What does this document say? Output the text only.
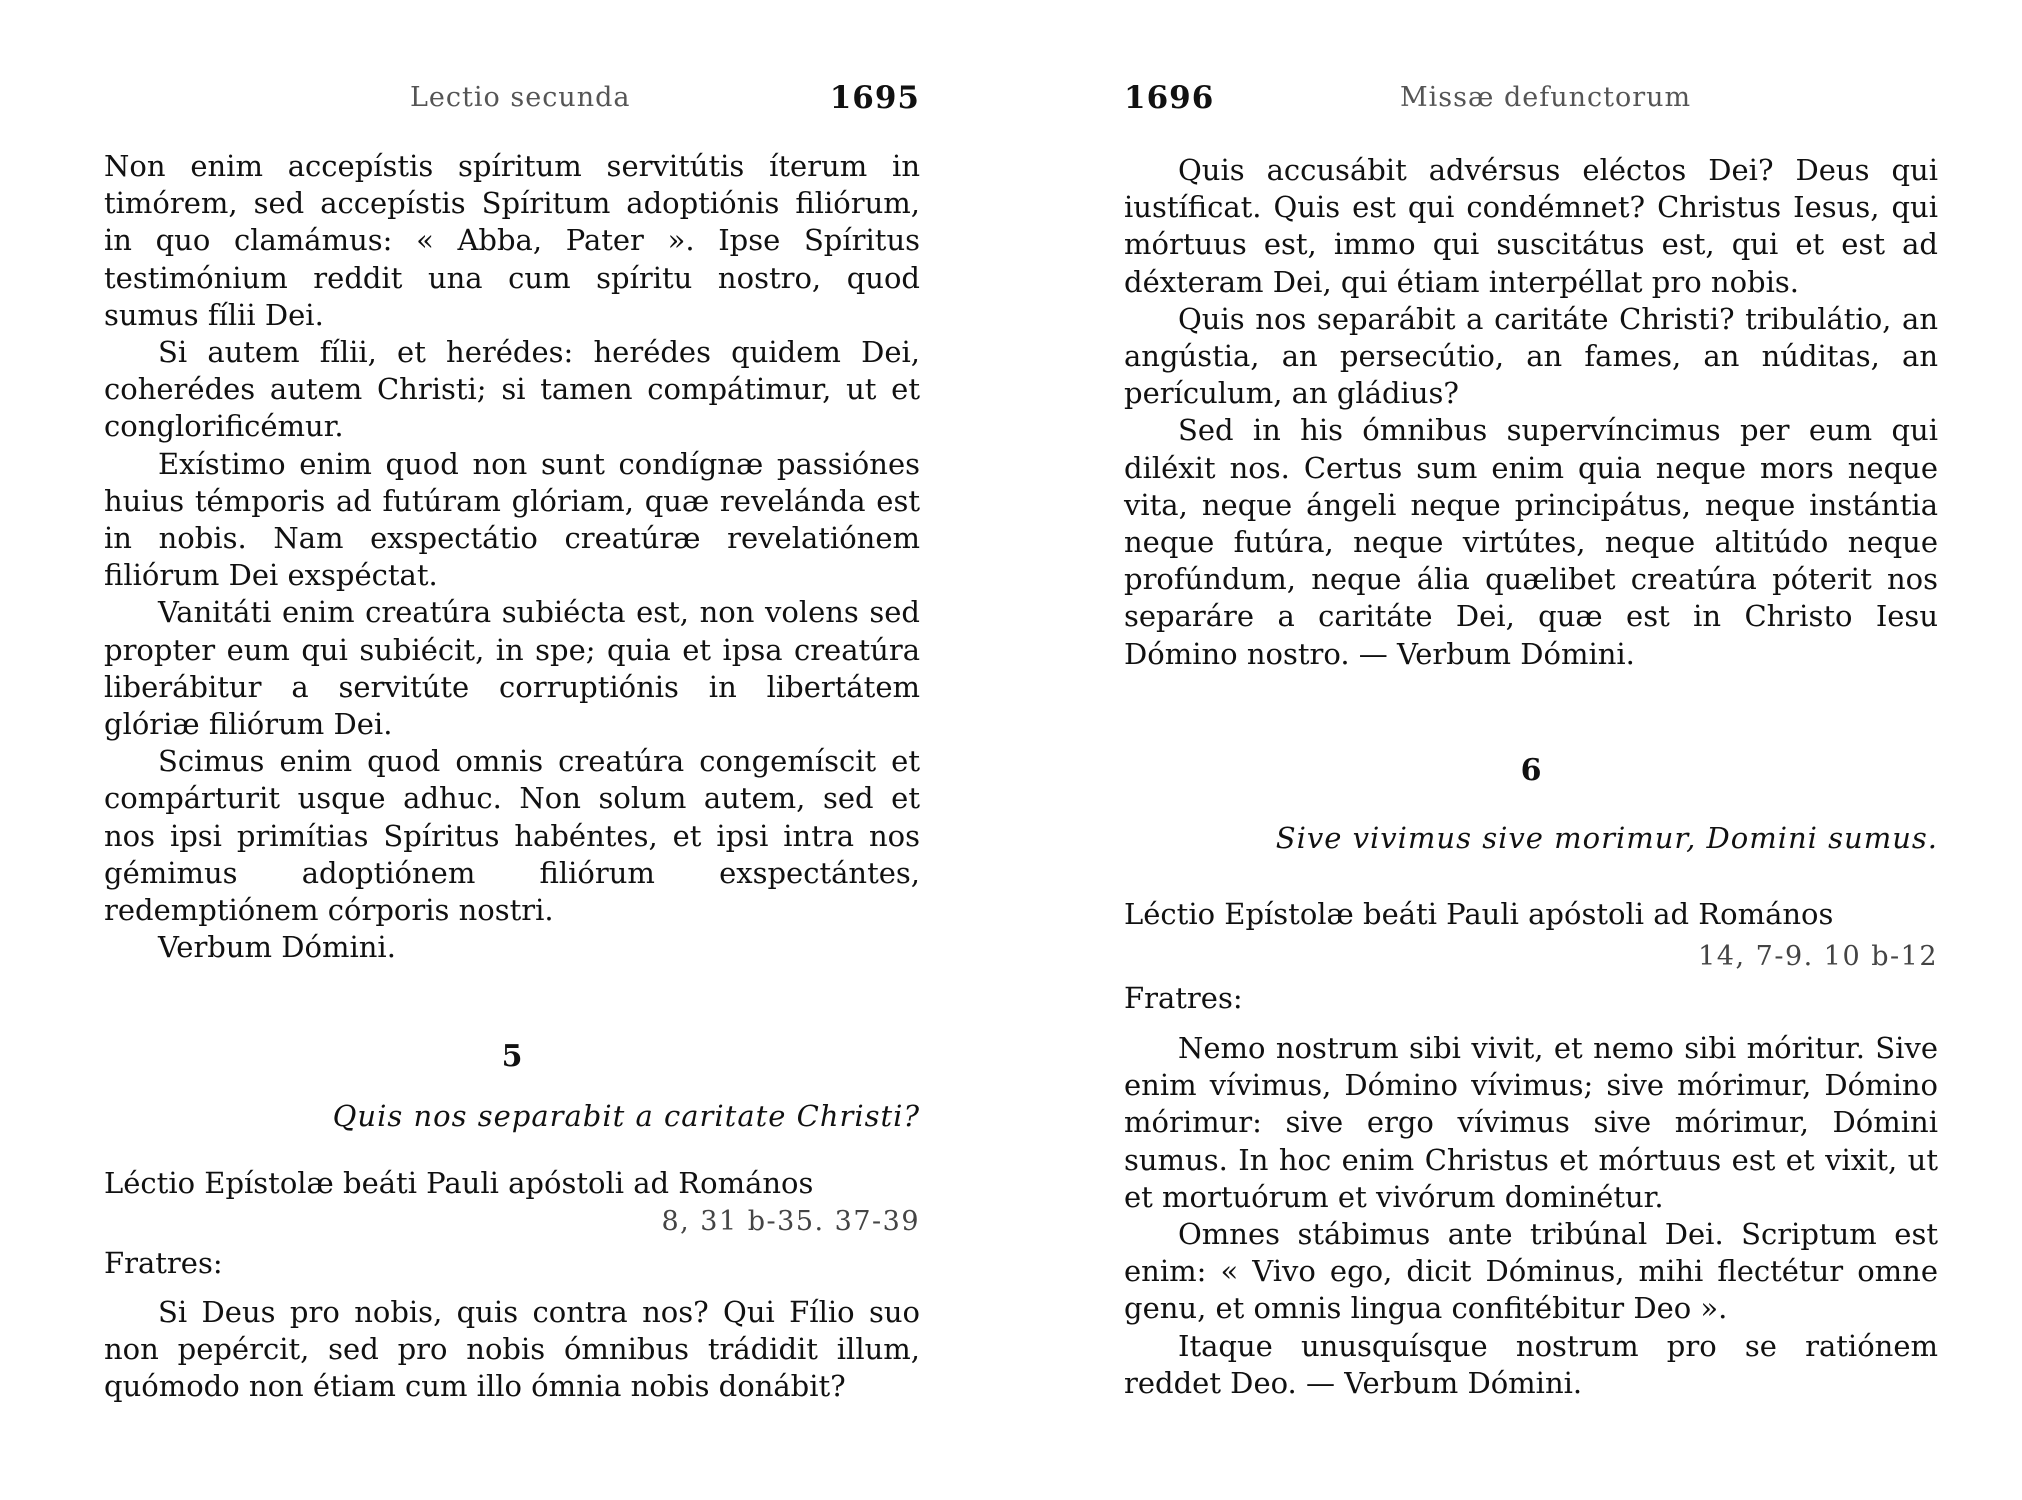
Lectio secunda	1695

Non enim accepístis spíritum servitútis íterum in timórem, sed accepístis Spíritum adoptiónis filiórum, in quo clamámus: « Abba, Pater ». Ipse Spíritus testimónium reddit una cum spíritu nostro, quod sumus fílii Dei.

Si autem fílii, et herédes: herédes quidem Dei, coherédes autem Christi; si tamen compátimur, ut et conglorificémur.

Exístimo enim quod non sunt condígnæ passiónes huius témporis ad futúram glóriam, quæ revelánda est in nobis. Nam exspectátio creatúræ revelatiónem filiórum Dei exspéctat.

Vanitáti enim creatúra subiécta est, non volens sed propter eum qui subiécit, in spe; quia et ipsa creatúra liberábitur a servitúte corruptiónis in libertátem glóriæ filiórum Dei.

Scimus enim quod omnis creatúra congemíscit et compárturit usque adhuc. Non solum autem, sed et nos ipsi primítias Spíritus habéntes, et ipsi intra nos gémimus adoptiónem filiórum exspectántes, redemptiónem córporis nostri.

Verbum Dómini.

5
Quis nos separabit a caritate Christi?
Léctio Epístolæ beáti Pauli apóstoli ad Romános
8, 31 b-35. 37-39
Fratres:

Si Deus pro nobis, quis contra nos? Qui Fílio suo non pepércit, sed pro nobis ómnibus trádidit illum, quómodo non étiam cum illo ómnia nobis donábit?

1696	Missæ defunctorum

Quis accusábit advérsus eléctos Dei? Deus qui iustíficat. Quis est qui condémnet? Christus Iesus, qui mórtuus est, immo qui suscitátus est, qui et est ad déxteram Dei, qui étiam interpéllat pro nobis.

Quis nos separábit a caritáte Christi? tribulátio, an angústia, an persecútio, an fames, an núditas, an perículum, an gládius?

Sed in his ómnibus supervíncimus per eum qui diléxit nos. Certus sum enim quia neque mors neque vita, neque ángeli neque principátus, neque instántia neque futúra, neque virtútes, neque altitúdo neque profúndum, neque ália quælibet creatúra póterit nos separáre a caritáte Dei, quæ est in Christo Iesu Dómino nostro. — Verbum Dómini.

6
Sive vivimus sive morimur, Domini sumus.
Léctio Epístolæ beáti Pauli apóstoli ad Romános
14, 7-9. 10 b-12
Fratres:

Nemo nostrum sibi vivit, et nemo sibi móritur. Sive enim vívimus, Dómino vívimus; sive mórimur, Dómino mórimur: sive ergo vívimus sive mórimur, Dómini sumus. In hoc enim Christus et mórtuus est et vixit, ut et mortuórum et vivórum dominétur.

Omnes stábimus ante tribúnal Dei. Scriptum est enim: « Vivo ego, dicit Dóminus, mihi flectétur omne genu, et omnis lingua confitébitur Deo ».

Itaque unusquísque nostrum pro se ratiónem reddet Deo. — Verbum Dómini.
